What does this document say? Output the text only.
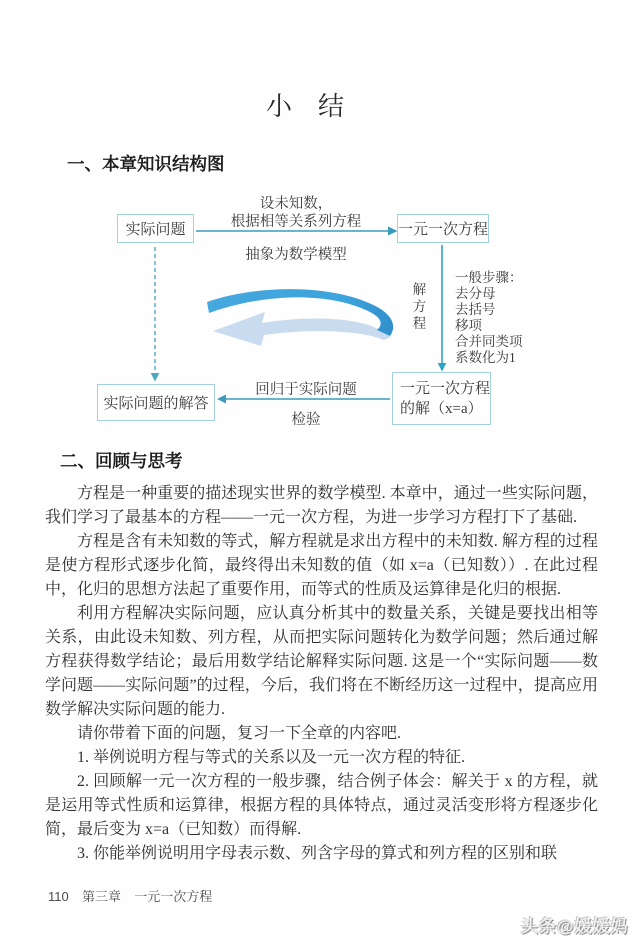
小　结
一、本章知识结构图
实际问题	一元一次方程
实际问题的解答
一元一次方程
的解（x=a）
设未知数，
根据相等关系列方程
抽象为数学模型
解方程
一般步骤：
去分母
去括号
移项
合并同类项
系数化为1
回归于实际问题
检验
二、回顾与思考

方程是一种重要的描述现实世界的数学模型. 本章中，通过一些实际问题，我们学习了最基本的方程——一元一次方程，为进一步学习方程打下了基础.

方程是含有未知数的等式，解方程就是求出方程中的未知数. 解方程的过程是使方程形式逐步化简，最终得出未知数的值（如 x=a（已知数））. 在此过程中，化归的思想方法起了重要作用，而等式的性质及运算律是化归的根据.

利用方程解决实际问题，应认真分析其中的数量关系，关键是要找出相等关系，由此设未知数、列方程，从而把实际问题转化为数学问题；然后通过解方程获得数学结论；最后用数学结论解释实际问题. 这是一个“实际问题——数学问题——实际问题”的过程，今后，我们将在不断经历这一过程中，提高应用数学解决实际问题的能力.

请你带着下面的问题，复习一下全章的内容吧.

1. 举例说明方程与等式的关系以及一元一次方程的特征.

2. 回顾解一元一次方程的一般步骤，结合例子体会：解关于 x 的方程，就是运用等式性质和运算律，根据方程的具体特点，通过灵活变形将方程逐步化简，最后变为 x=a（已知数）而得解.

3. 你能举例说明用字母表示数、列含字母的算式和列方程的区别和联

110 第三章 一元一次方程
头条@媛媛妈
